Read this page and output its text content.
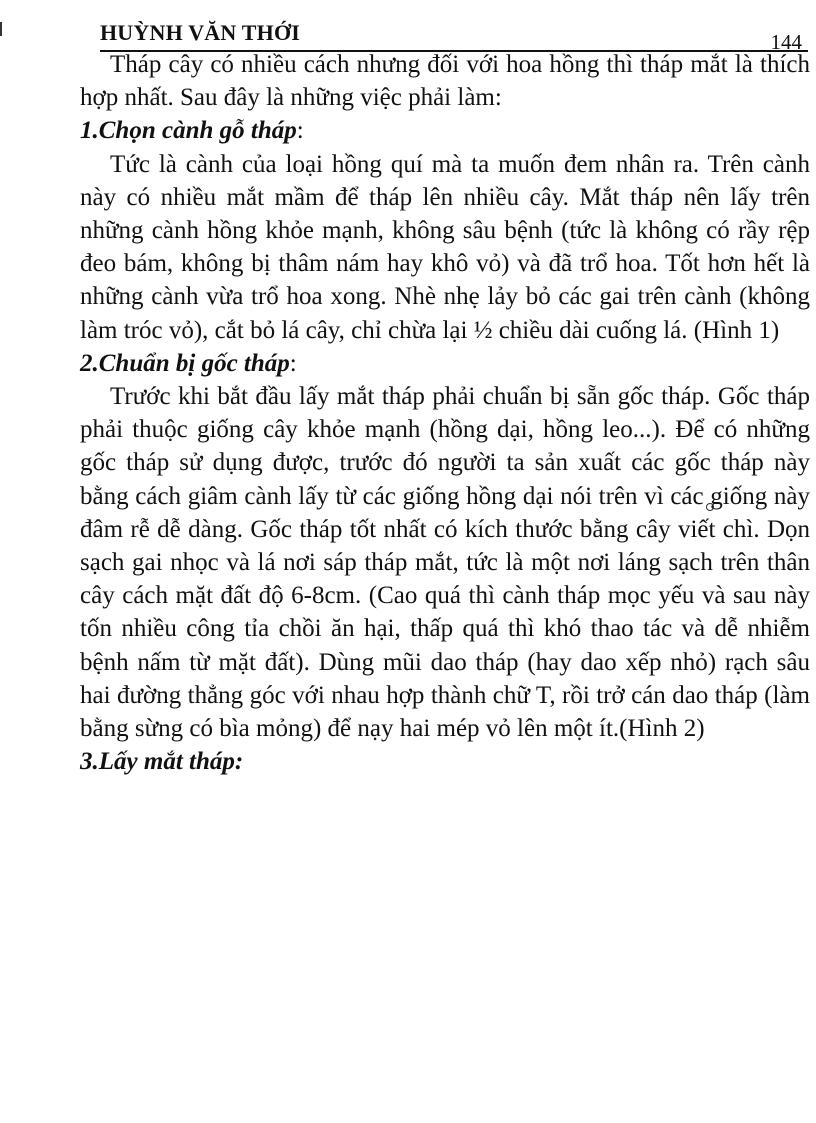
HUỲNH VĂN THỚI	144

Tháp cây có nhiều cách nhưng đối với hoa hồng thì tháp mắt là thích hợp nhất. Sau đây là những việc phải làm:

1.Chọn cành gỗ tháp:

Tức là cành của loại hồng quí mà ta muốn đem nhân ra. Trên cành này có nhiều mắt mầm để tháp lên nhiều cây. Mắt tháp nên lấy trên những cành hồng khỏe mạnh, không sâu bệnh (tức là không có rầy rệp đeo bám, không bị thâm nám hay khô vỏ) và đã trổ hoa. Tốt hơn hết là những cành vừa trổ hoa xong. Nhè nhẹ lảy bỏ các gai trên cành (không làm tróc vỏ), cắt bỏ lá cây, chỉ chừa lại ½ chiều dài cuống lá. (Hình 1)

2.Chuẩn bị gốc tháp:

Trước khi bắt đầu lấy mắt tháp phải chuẩn bị sẵn gốc tháp. Gốc tháp phải thuộc giống cây khỏe mạnh (hồng dại, hồng leo...). Để có những gốc tháp sử dụng được, trước đó người ta sản xuất các gốc tháp này bằng cách giâm cành lấy từ các giống hồng dại nói trên vì các giống này đâm rễ dễ dàng. Gốc tháp tốt nhất có kích thước bằng cây viết chì. Dọn sạch gai nhọc và lá nơi sáp tháp mắt, tức là một nơi láng sạch trên thân cây cách mặt đất độ 6-8cm. (Cao quá thì cành tháp mọc yếu và sau này tốn nhiều công tỉa chồi ăn hại, thấp quá thì khó thao tác và dễ nhiễm bệnh nấm từ mặt đất). Dùng mũi dao tháp (hay dao xếp nhỏ) rạch sâu hai đường thẳng góc với nhau hợp thành chữ T, rồi trở cán dao tháp (làm bằng sừng có bìa mỏng) để nạy hai mép vỏ lên một ít.(Hình 2)

3.Lấy mắt tháp:
